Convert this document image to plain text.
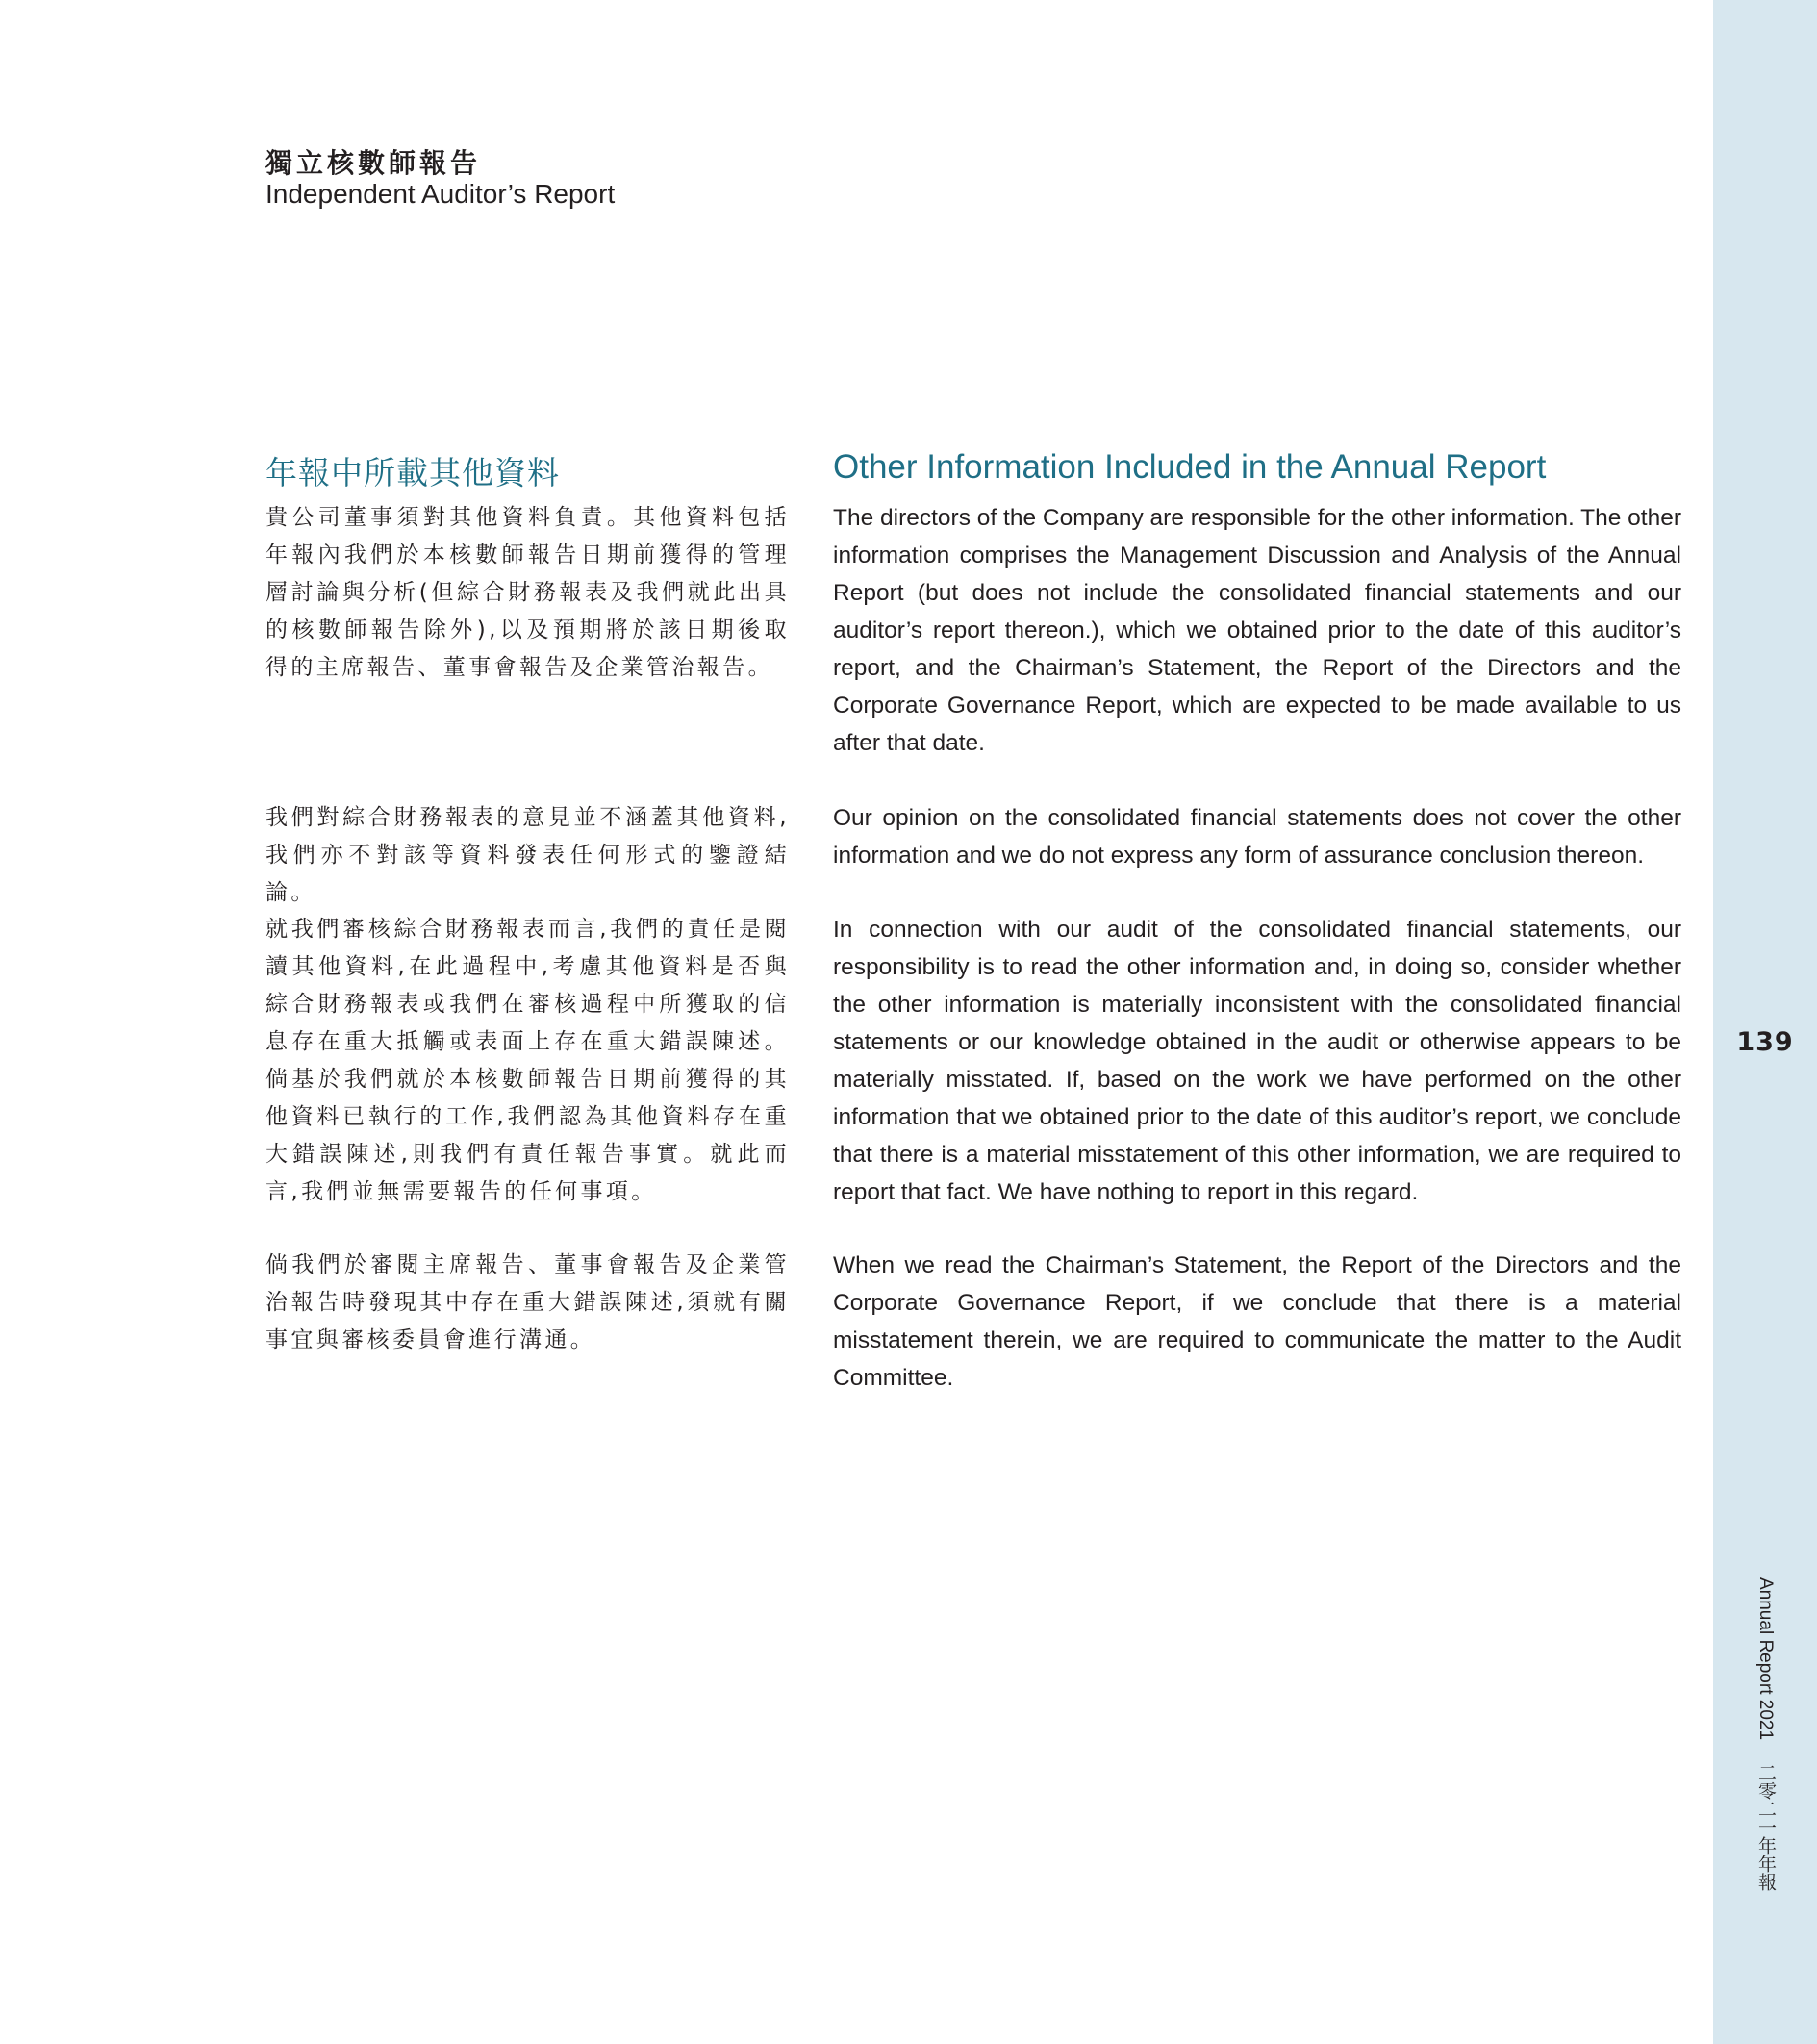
139
Annual Report 2021二零二一年年報
獨立核數師報告
Independent Auditor’s Report
年報中所載其他資料	Other Information Included in the Annual Report

貴公司董事須對其他資料負責。其他資料包括年報內我們於本核數師報告日期前獲得的管理層討論與分析(但綜合財務報表及我們就此出具的核數師報告除外),以及預期將於該日期後取得的主席報告、董事會報告及企業管治報告。

我們對綜合財務報表的意見並不涵蓋其他資料,我們亦不對該等資料發表任何形式的鑒證結論。

就我們審核綜合財務報表而言,我們的責任是閱讀其他資料,在此過程中,考慮其他資料是否與綜合財務報表或我們在審核過程中所獲取的信息存在重大抵觸或表面上存在重大錯誤陳述。倘基於我們就於本核數師報告日期前獲得的其他資料已執行的工作,我們認為其他資料存在重大錯誤陳述,則我們有責任報告事實。就此而言,我們並無需要報告的任何事項。

倘我們於審閱主席報告、董事會報告及企業管治報告時發現其中存在重大錯誤陳述,須就有關事宜與審核委員會進行溝通。

The directors of the Company are responsible for the other information. The other information comprises the Management Discussion and Analysis of the Annual Report (but does not include the consolidated financial statements and our auditor’s report thereon.), which we obtained prior to the date of this auditor’s report, and the Chairman’s Statement, the Report of the Directors and the Corporate Governance Report, which are expected to be made available to us after that date.

Our opinion on the consolidated financial statements does not cover the other information and we do not express any form of assurance conclusion thereon.

In connection with our audit of the consolidated financial statements, our responsibility is to read the other information and, in doing so, consider whether the other information is materially inconsistent with the consolidated financial statements or our knowledge obtained in the audit or otherwise appears to be materially misstated. If, based on the work we have performed on the other information that we obtained prior to the date of this auditor’s report, we conclude that there is a material misstatement of this other information, we are required to report that fact. We have nothing to report in this regard.

When we read the Chairman’s Statement, the Report of the Directors and the Corporate Governance Report, if we conclude that there is a material misstatement therein, we are required to communicate the matter to the Audit Committee.
